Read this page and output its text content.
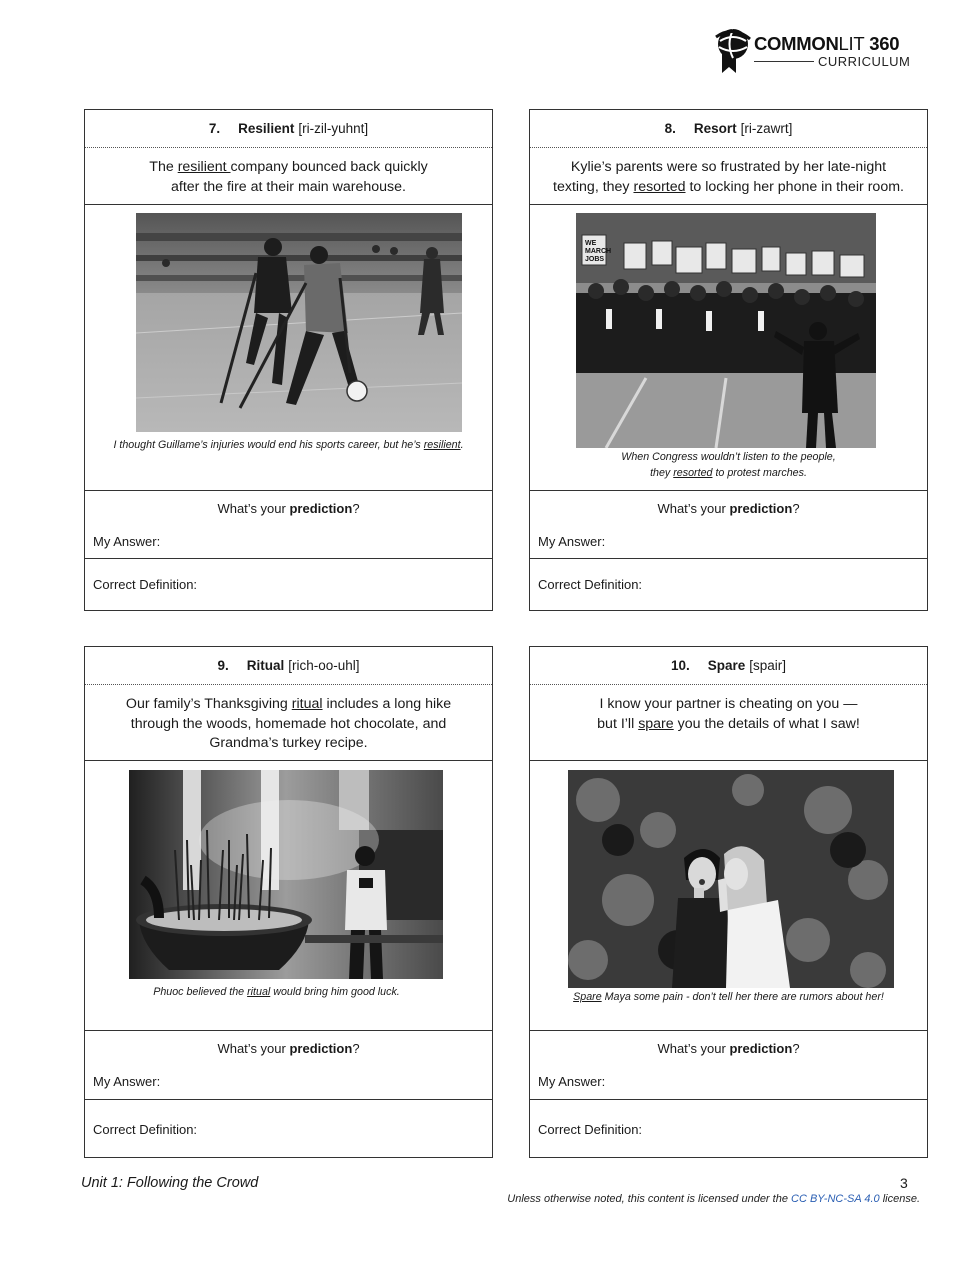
COMMONLIT 360
CURRICULUM
7. Resilient [ri-zil-yuhnt]
The resilient company bounced back quickly
after the fire at their main warehouse.
I thought Guillame’s injuries would end his sports career, but he’s resilient.
What’s your prediction?
My Answer:
Correct Definition:
8. Resort [ri-zawrt]
Kylie’s parents were so frustrated by her late-night
texting, they resorted to locking her phone in their room.
WE
MARCH
JOBS
When Congress wouldn’t listen to the people,
they resorted to protest marches.
What’s your prediction?
My Answer:
Correct Definition:
9. Ritual [rich-oo-uhl]
Our family’s Thanksgiving ritual includes a long hike
through the woods, homemade hot chocolate, and
Grandma’s turkey recipe.
Phuoc believed the ritual would bring him good luck.
What’s your prediction?
My Answer:
Correct Definition:
10. Spare [spair]
I know your partner is cheating on you —
but I’ll spare you the details of what I saw!
Spare Maya some pain - don’t tell her there are rumors about her!
What’s your prediction?
My Answer:
Correct Definition:
Unit 1: Following the Crowd	3
Unless otherwise noted, this content is licensed under the CC BY-NC-SA 4.0 license.
